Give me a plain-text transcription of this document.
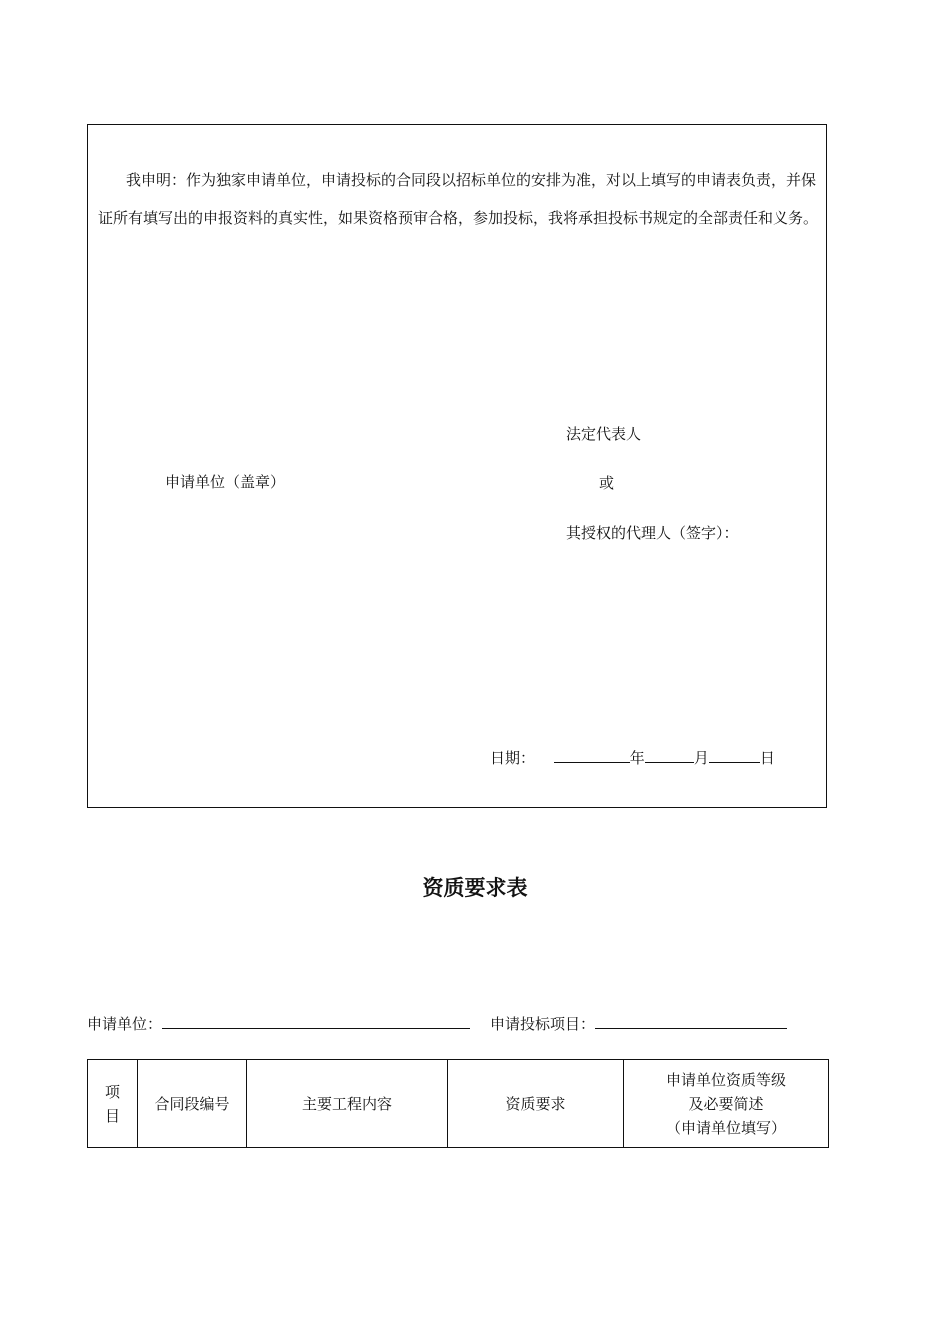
我申明：作为独家申请单位，申请投标的合同段以招标单位的安排为准，对以上填写的申请表负责，并保证所有填写出的申报资料的真实性，如果资格预审合格，参加投标，我将承担投标书规定的全部责任和义务。

申请单位（盖章）
法定代表人
或
其授权的代理人（签字）：
日期：	年	月	日
资质要求表
申请单位：	申请投标项目：
项
目	合同段编号	主要工程内容	资质要求	申请单位资质等级
及必要简述
（申请单位填写）
